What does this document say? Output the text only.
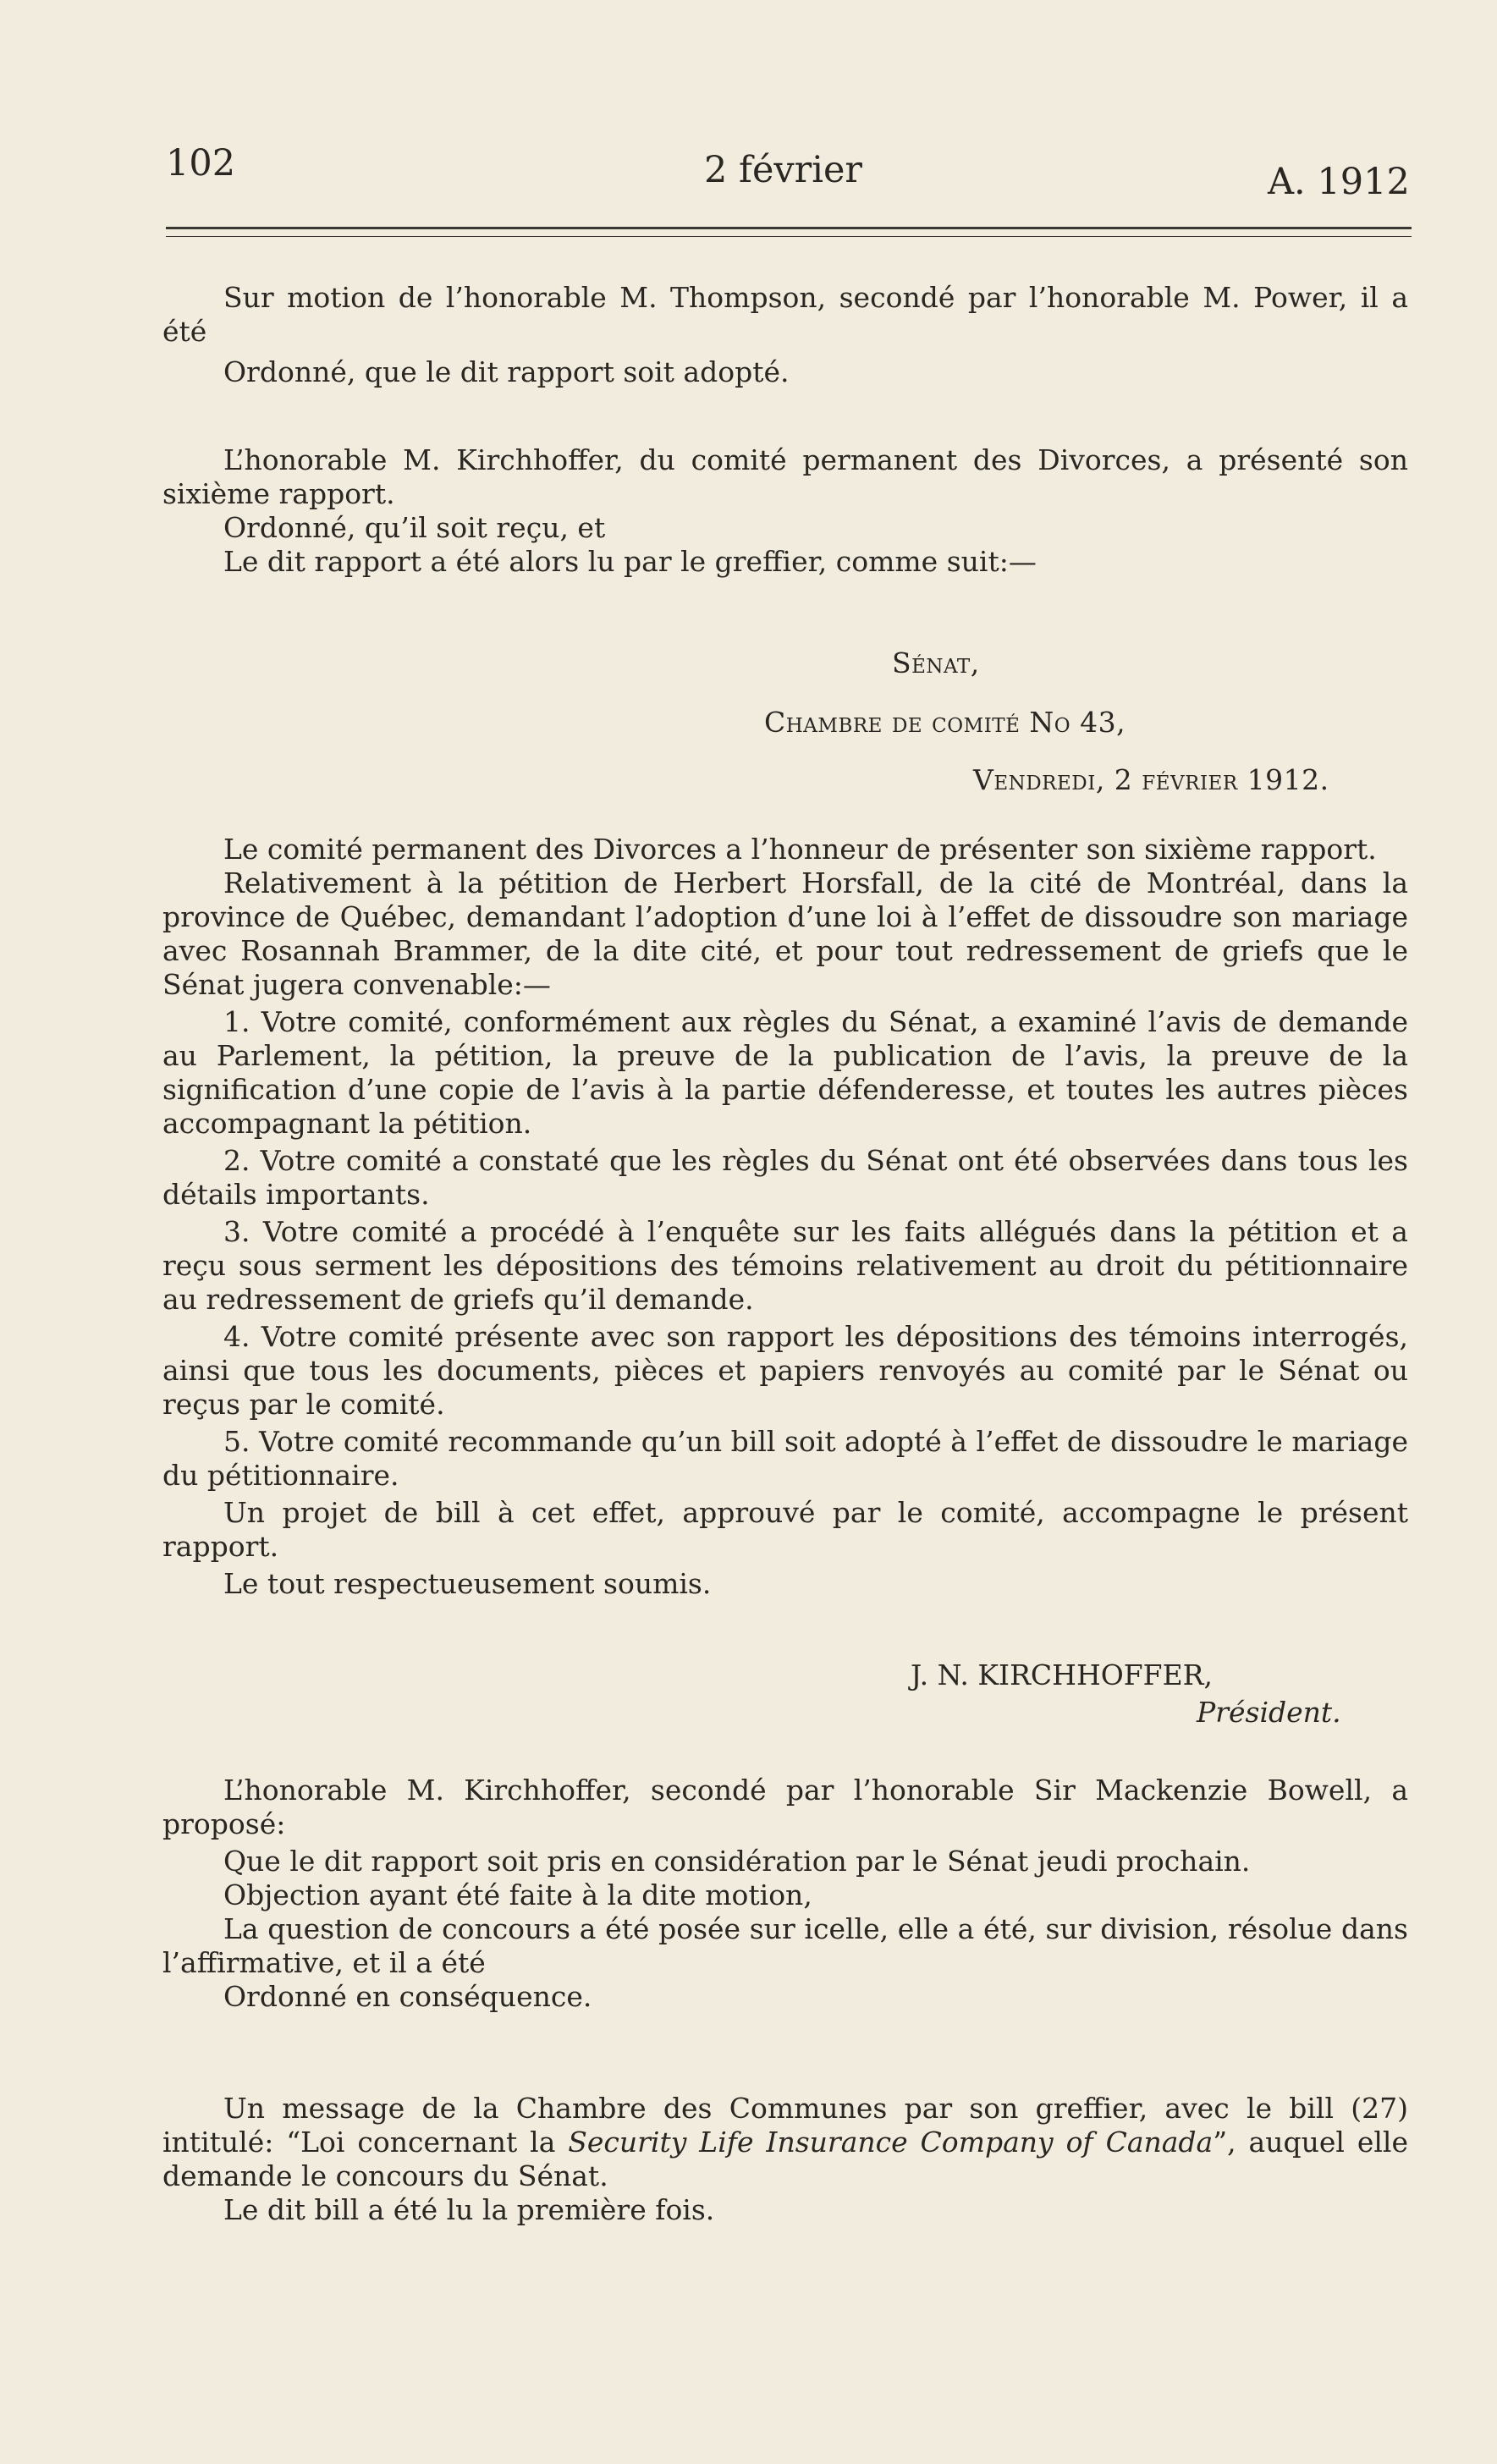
102	2 février	A. 1912

Sur motion de l’honorable M. Thompson, secondé par l’honorable M. Power, il a été

Ordonné, que le dit rapport soit adopté.

L’honorable M. Kirchhoffer, du comité permanent des Divorces, a présenté son sixième rapport.

Ordonné, qu’il soit reçu, et

Le dit rapport a été alors lu par le greffier, comme suit:—

Sénat,
Chambre de comité No 43,
Vendredi, 2 février 1912.

Le comité permanent des Divorces a l’honneur de présenter son sixième rapport.

Relativement à la pétition de Herbert Horsfall, de la cité de Montréal, dans la province de Québec, demandant l’adoption d’une loi à l’effet de dissoudre son mariage avec Rosannah Brammer, de la dite cité, et pour tout redressement de griefs que le Sénat jugera convenable:—

1. Votre comité, conformément aux règles du Sénat, a examiné l’avis de demande au Parlement, la pétition, la preuve de la publication de l’avis, la preuve de la signification d’une copie de l’avis à la partie défenderesse, et toutes les autres pièces accompagnant la pétition.

2. Votre comité a constaté que les règles du Sénat ont été observées dans tous les détails importants.

3. Votre comité a procédé à l’enquête sur les faits allégués dans la pétition et a reçu sous serment les dépositions des témoins relativement au droit du pétitionnaire au redressement de griefs qu’il demande.

4. Votre comité présente avec son rapport les dépositions des témoins interrogés, ainsi que tous les documents, pièces et papiers renvoyés au comité par le Sénat ou reçus par le comité.

5. Votre comité recommande qu’un bill soit adopté à l’effet de dissoudre le mariage du pétitionnaire.

Un projet de bill à cet effet, approuvé par le comité, accompagne le présent rapport.

Le tout respectueusement soumis.

J. N. KIRCHHOFFER,
Président.

L’honorable M. Kirchhoffer, secondé par l’honorable Sir Mackenzie Bowell, a proposé:

Que le dit rapport soit pris en considération par le Sénat jeudi prochain.

Objection ayant été faite à la dite motion,

La question de concours a été posée sur icelle, elle a été, sur division, résolue dans l’affirmative, et il a été

Ordonné en conséquence.

Un message de la Chambre des Communes par son greffier, avec le bill (27) intitulé: “Loi concernant la Security Life Insurance Company of Canada”, auquel elle demande le concours du Sénat.

Le dit bill a été lu la première fois.
